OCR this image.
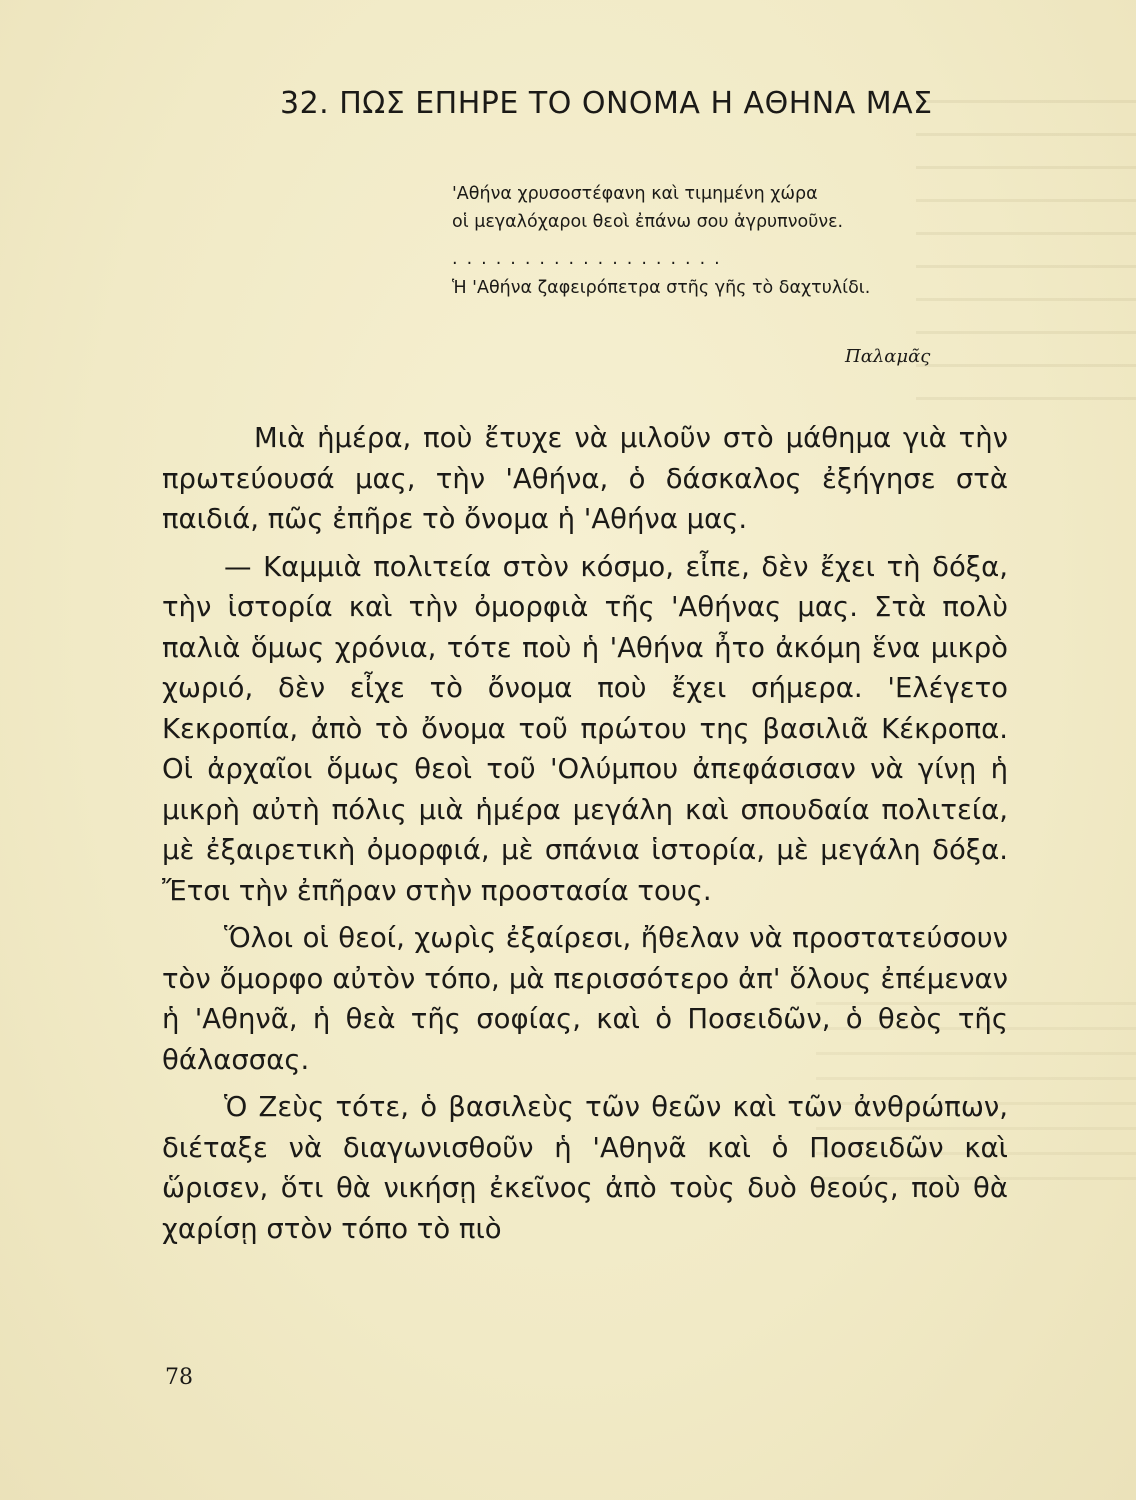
32. ΠΩΣ ΕΠΗΡΕ ΤΟ ΟΝΟΜΑ Η ΑΘΗΝΑ ΜΑΣ
'Αθήνα χρυσοστέφανη καὶ τιμημένη χώρα
οἱ μεγαλόχαροι θεοὶ ἐπάνω σου ἀγρυπνοῦνε.
...................
Ἡ 'Αθήνα ζαφειρόπετρα στῆς γῆς τὸ δαχτυλίδι.
Παλαμᾶς

Μιὰ ἡμέρα, ποὺ ἔτυχε νὰ μιλοῦν στὸ μάθημα γιὰ τὴν πρωτεύουσά μας, τὴν 'Αθήνα, ὁ δάσκαλος ἐξήγησε στὰ παιδιά, πῶς ἐπῆρε τὸ ὄνομα ἡ 'Αθήνα μας.

— Καμμιὰ πολιτεία στὸν κόσμο, εἶπε, δὲν ἔχει τὴ δόξα, τὴν ἱστορία καὶ τὴν ὀμορφιὰ τῆς 'Αθήνας μας. Στὰ πολὺ παλιὰ ὅμως χρόνια, τότε ποὺ ἡ 'Αθήνα ἦτο ἀκόμη ἕνα μικρὸ χωριό, δὲν εἶχε τὸ ὄνομα ποὺ ἔχει σήμερα. 'Ελέγετο Κεκροπία, ἀπὸ τὸ ὄνομα τοῦ πρώτου της βασιλιᾶ Κέκροπα. Οἱ ἀρχαῖοι ὅμως θεοὶ τοῦ 'Ολύμπου ἀπεφάσισαν νὰ γίνῃ ἡ μικρὴ αὐτὴ πόλις μιὰ ἡμέρα μεγάλη καὶ σπουδαία πολιτεία, μὲ ἐξαιρετικὴ ὀμορφιά, μὲ σπάνια ἱστορία, μὲ μεγάλη δόξα. Ἔτσι τὴν ἐπῆραν στὴν προστασία τους.

Ὅλοι οἱ θεοί, χωρὶς ἐξαίρεσι, ἤθελαν νὰ προστατεύσουν τὸν ὄμορφο αὐτὸν τόπο, μὰ περισσότερο ἀπ' ὅλους ἐπέμεναν ἡ 'Αθηνᾶ, ἡ θεὰ τῆς σοφίας, καὶ ὁ Ποσειδῶν, ὁ θεὸς τῆς θάλασσας.

Ὁ Ζεὺς τότε, ὁ βασιλεὺς τῶν θεῶν καὶ τῶν ἀνθρώπων, διέταξε νὰ διαγωνισθοῦν ἡ 'Αθηνᾶ καὶ ὁ Ποσειδῶν καὶ ὥρισεν, ὅτι θὰ νικήσῃ ἐκεῖνος ἀπὸ τοὺς δυὸ θεούς, ποὺ θὰ χαρίσῃ στὸν τόπο τὸ πιὸ

78
